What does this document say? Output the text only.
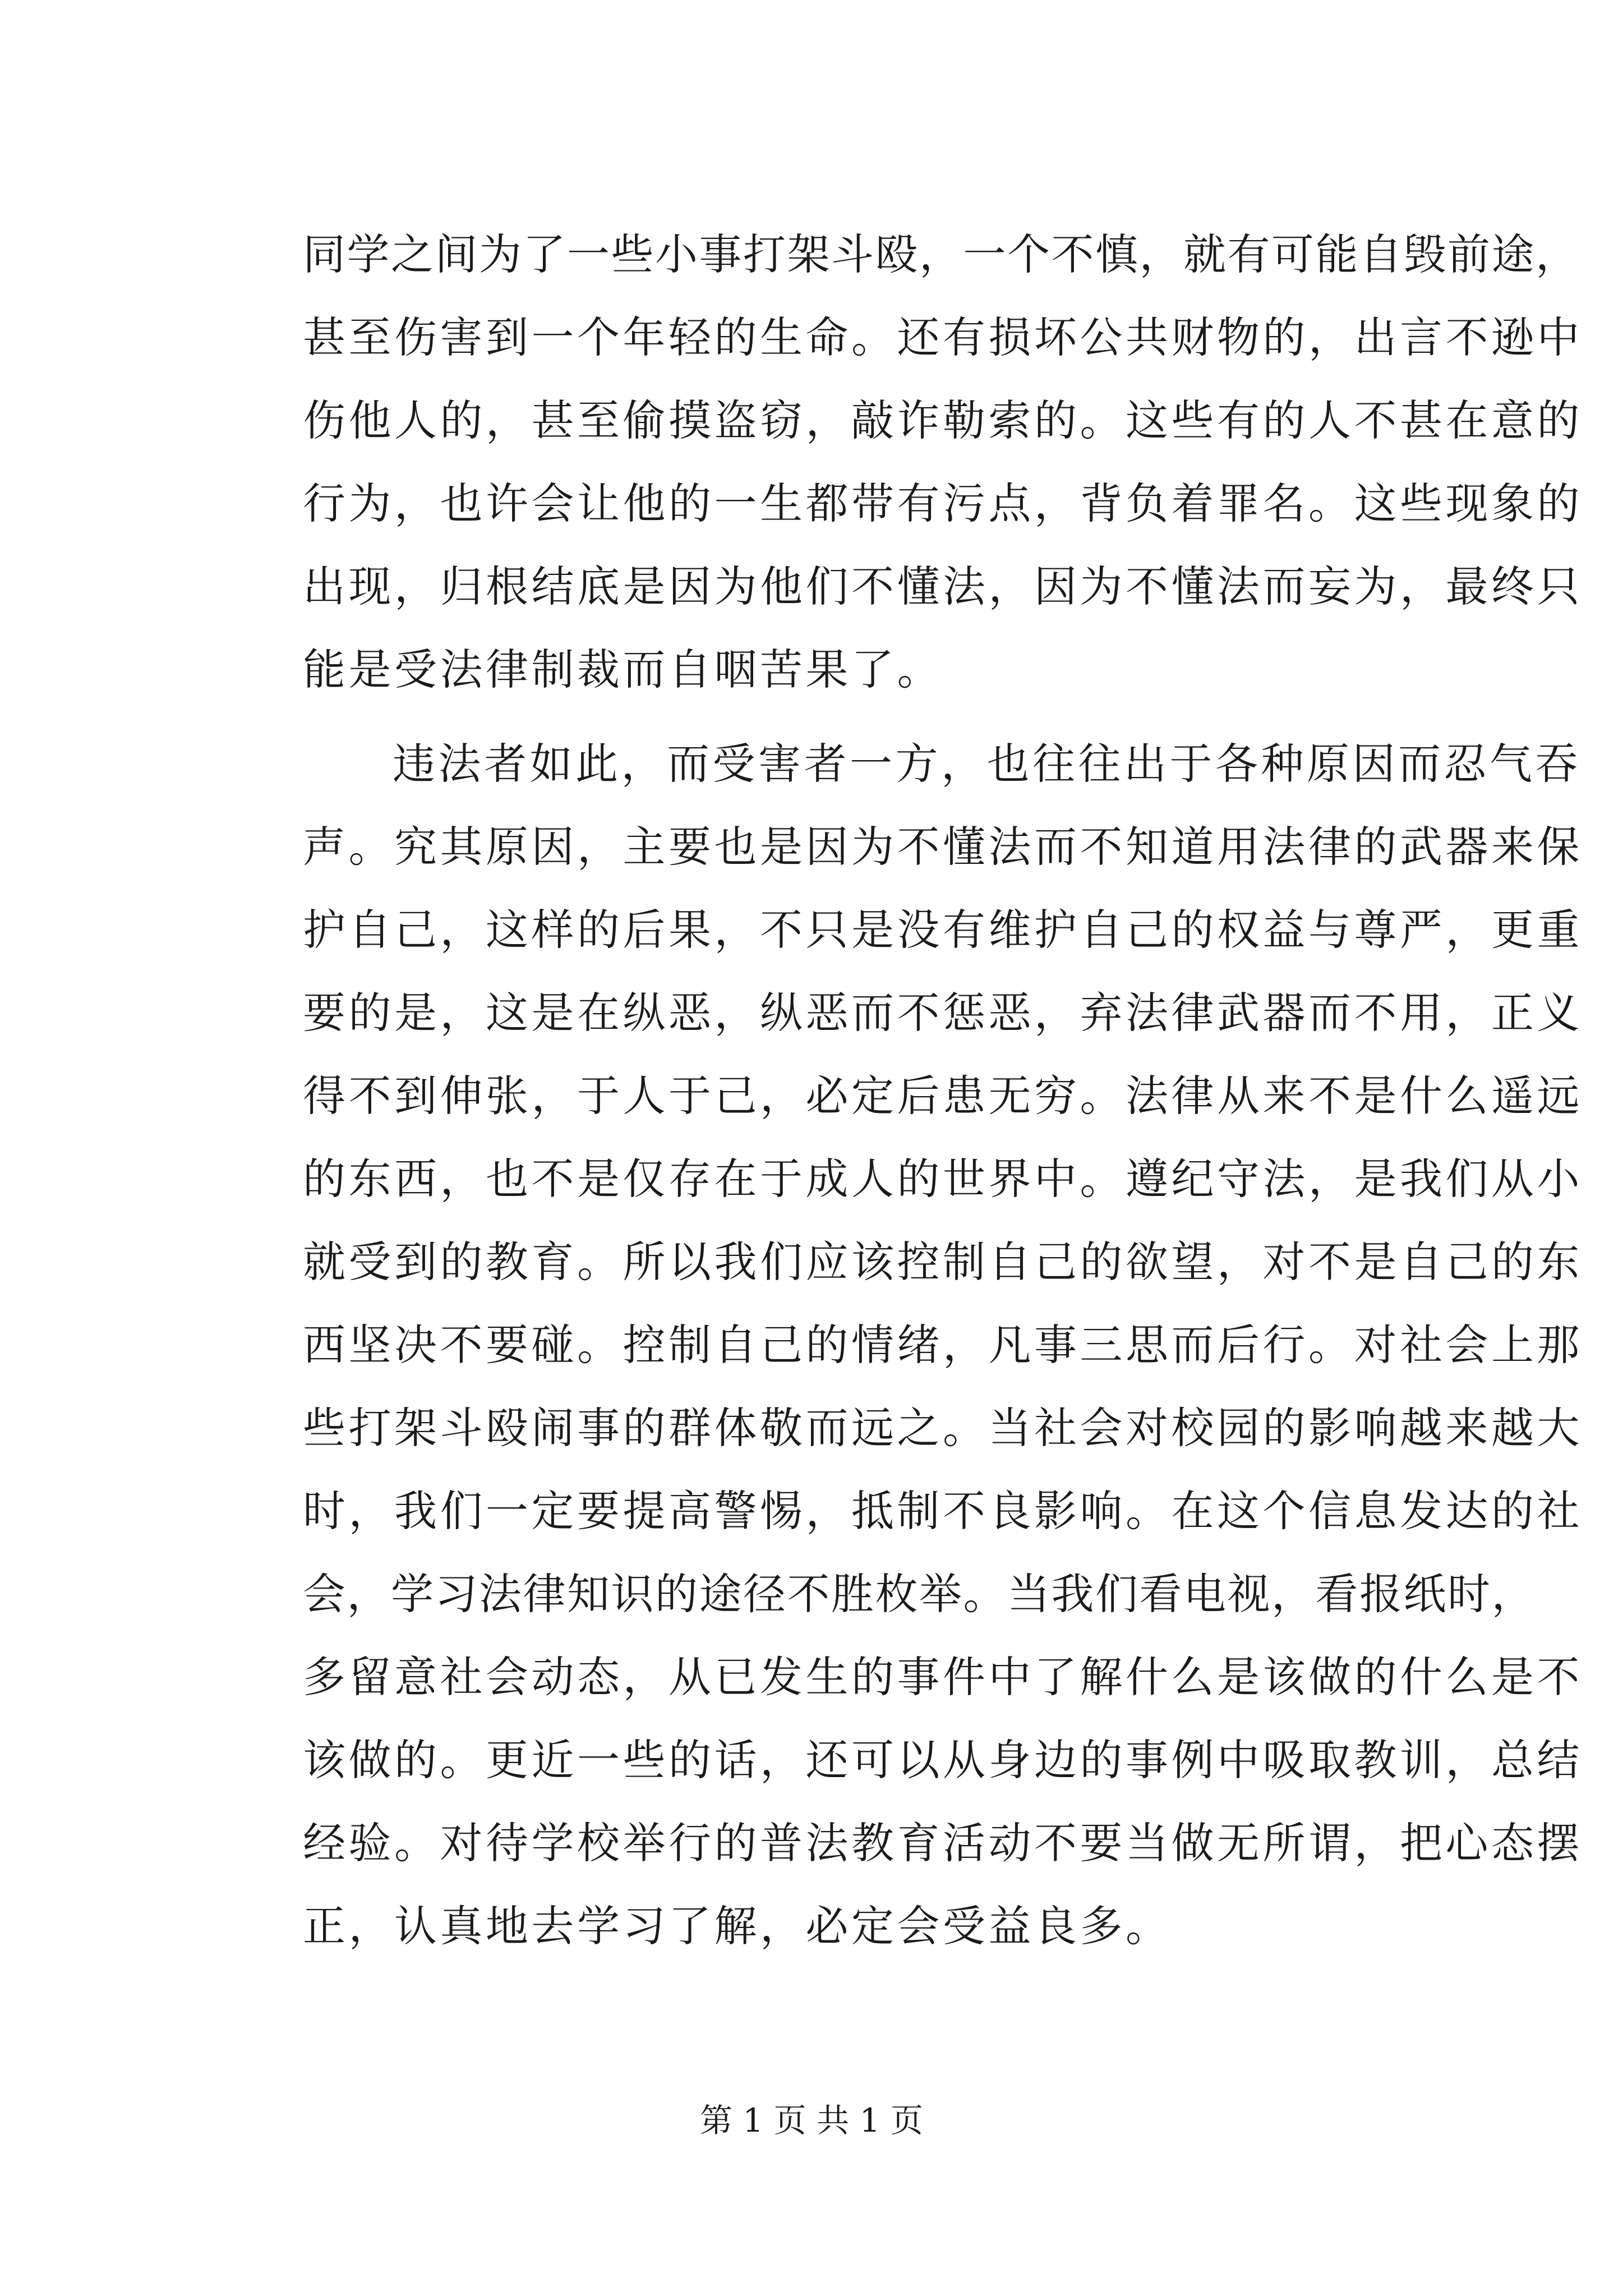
同学之间为了一些小事打架斗殴，一个不慎，就有可能自毁前途，
甚至伤害到一个年轻的生命。还有损坏公共财物的，出言不逊中
伤他人的，甚至偷摸盗窃，敲诈勒索的。这些有的人不甚在意的
行为，也许会让他的一生都带有污点，背负着罪名。这些现象的
出现，归根结底是因为他们不懂法，因为不懂法而妄为，最终只
能是受法律制裁而自咽苦果了。
违法者如此，而受害者一方，也往往出于各种原因而忍气吞
声。究其原因，主要也是因为不懂法而不知道用法律的武器来保
护自己，这样的后果，不只是没有维护自己的权益与尊严，更重
要的是，这是在纵恶，纵恶而不惩恶，弃法律武器而不用，正义
得不到伸张，于人于己，必定后患无穷。法律从来不是什么遥远
的东西，也不是仅存在于成人的世界中。遵纪守法，是我们从小
就受到的教育。所以我们应该控制自己的欲望，对不是自己的东
西坚决不要碰。控制自己的情绪，凡事三思而后行。对社会上那
些打架斗殴闹事的群体敬而远之。当社会对校园的影响越来越大
时，我们一定要提高警惕，抵制不良影响。在这个信息发达的社
会，学习法律知识的途径不胜枚举。当我们看电视，看报纸时，
多留意社会动态，从已发生的事件中了解什么是该做的什么是不
该做的。更近一些的话，还可以从身边的事例中吸取教训，总结
经验。对待学校举行的普法教育活动不要当做无所谓，把心态摆
正，认真地去学习了解，必定会受益良多。
第 1 页 共 1 页
